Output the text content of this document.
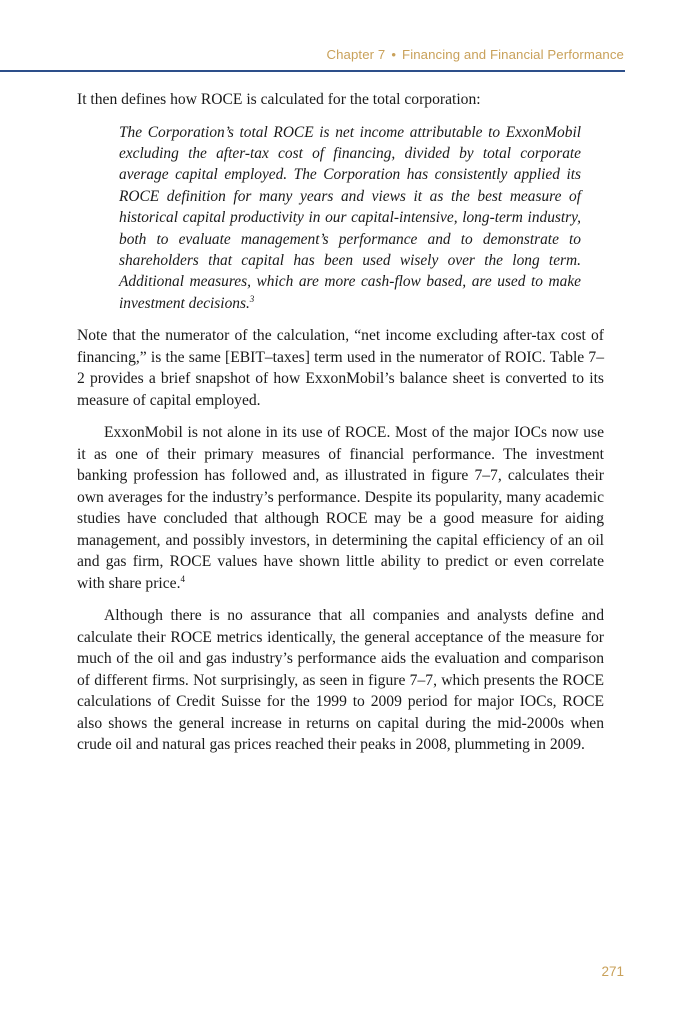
Chapter 7 • Financing and Financial Performance

It then defines how ROCE is calculated for the total corporation:

The Corporation’s total ROCE is net income attributable to ExxonMobil excluding the after-tax cost of financing, divided by total corporate average capital employed. The Corporation has consistently applied its ROCE definition for many years and views it as the best measure of historical capital productivity in our capital-intensive, long-term industry, both to evaluate management’s performance and to demonstrate to shareholders that capital has been used wisely over the long term. Additional measures, which are more cash-flow based, are used to make investment decisions.$^3$

Note that the numerator of the calculation, “net income excluding after-tax cost of financing,” is the same [EBIT–taxes] term used in the numerator of ROIC. Table 7–2 provides a brief snapshot of how ExxonMobil’s balance sheet is converted to its measure of capital employed.

ExxonMobil is not alone in its use of ROCE. Most of the major IOCs now use it as one of their primary measures of financial performance. The investment banking profession has followed and, as illustrated in figure 7–7, calculates their own averages for the industry’s performance. Despite its popularity, many academic studies have concluded that although ROCE may be a good measure for aiding management, and possibly investors, in determining the capital efficiency of an oil and gas firm, ROCE values have shown little ability to predict or even correlate with share price.$^4$

Although there is no assurance that all companies and analysts define and calculate their ROCE metrics identically, the general acceptance of the measure for much of the oil and gas industry’s performance aids the evaluation and comparison of different firms. Not surprisingly, as seen in figure 7–7, which presents the ROCE calculations of Credit Suisse for the 1999 to 2009 period for major IOCs, ROCE also shows the general increase in returns on capital during the mid-2000s when crude oil and natural gas prices reached their peaks in 2008, plummeting in 2009.

271
